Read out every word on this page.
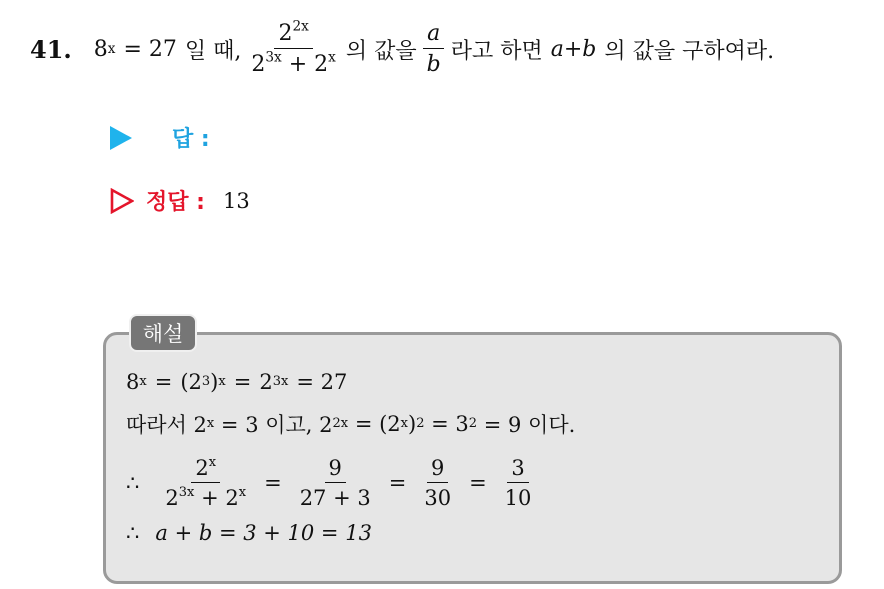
41. 8 x = 27 일 때, $\frac{2^{2x}}{2^{3x} + 2^x}$ 의 값을 $\frac{a}{b}$ 라고 하면 a+b 의 값을 구하여라.
답 :
정답 : 13
해설
8 x = (2 3 ) x = 2 3x = 27
따라서 2 x = 3 이고, 2 2x = (2 x ) 2 = 3 2 = 9 이다.
∴ $\frac{2^x}{2^{3x} + 2^x} = \frac{9}{27 + 3} = \frac{9}{30} = \frac{3}{10}$
∴ a + b = 3 + 10 = 13
